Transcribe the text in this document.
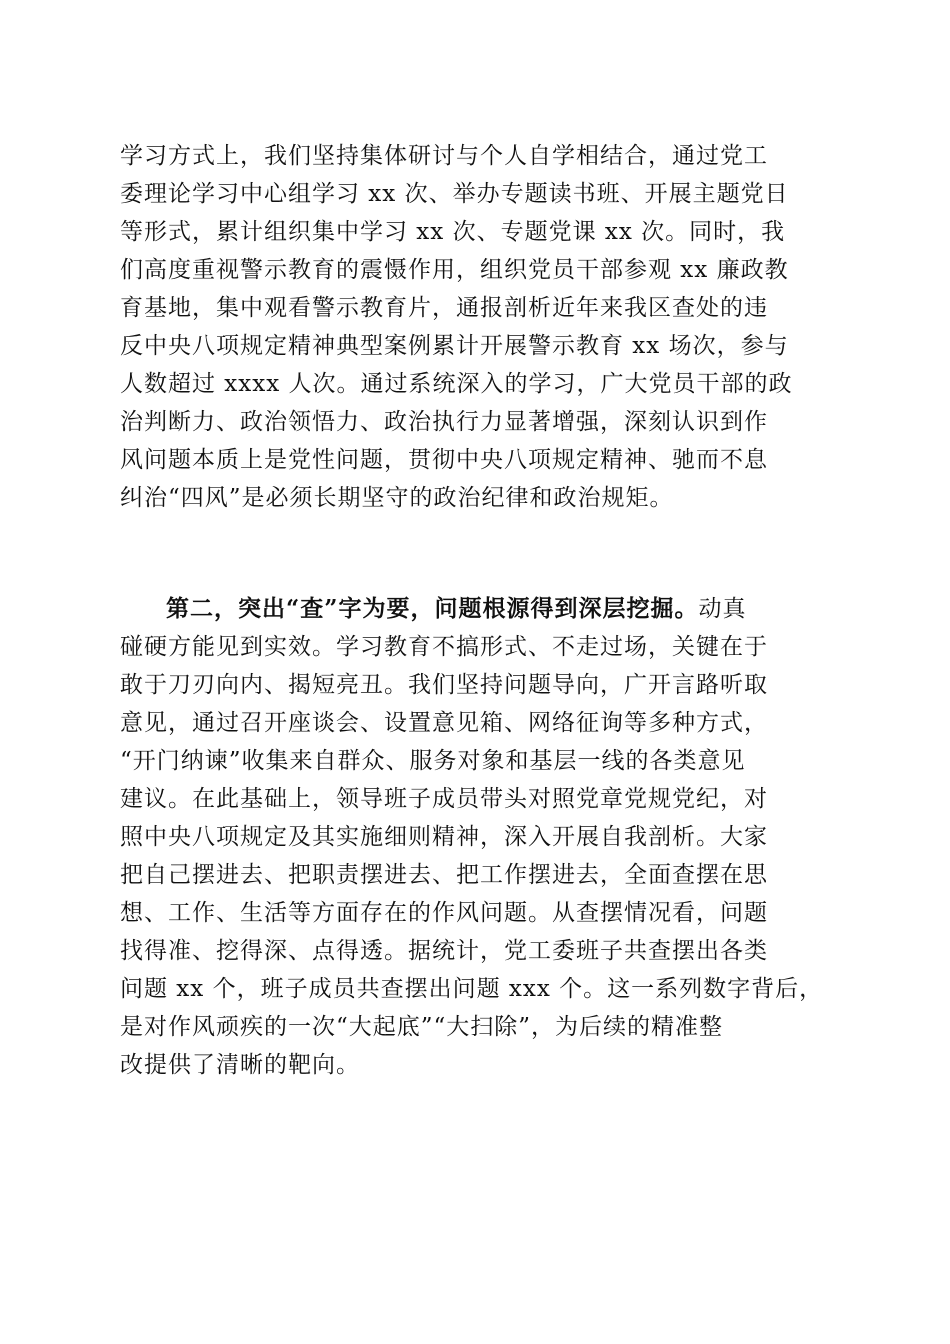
学习方式上，我们坚持集体研讨与个人自学相结合，通过党工
委理论学习中心组学习 xx 次、举办专题读书班、开展主题党日
等形式，累计组织集中学习 xx 次、专题党课 xx 次。同时，我
们高度重视警示教育的震慑作用，组织党员干部参观 xx 廉政教
育基地，集中观看警示教育片，通报剖析近年来我区查处的违
反中央八项规定精神典型案例累计开展警示教育 xx 场次，参与
人数超过 xxxx 人次。通过系统深入的学习，广大党员干部的政
治判断力、政治领悟力、政治执行力显著增强，深刻认识到作
风问题本质上是党性问题，贯彻中央八项规定精神、驰而不息
纠治“四风”是必须长期坚守的政治纪律和政治规矩。
第二，突出“查”字为要，问题根源得到深层挖掘。动真
碰硬方能见到实效。学习教育不搞形式、不走过场，关键在于
敢于刀刃向内、揭短亮丑。我们坚持问题导向，广开言路听取
意见，通过召开座谈会、设置意见箱、网络征询等多种方式，
“开门纳谏”收集来自群众、服务对象和基层一线的各类意见
建议。在此基础上，领导班子成员带头对照党章党规党纪，对
照中央八项规定及其实施细则精神，深入开展自我剖析。大家
把自己摆进去、把职责摆进去、把工作摆进去，全面查摆在思
想、工作、生活等方面存在的作风问题。从查摆情况看，问题
找得准、挖得深、点得透。据统计，党工委班子共查摆出各类
问题 xx 个，班子成员共查摆出问题 xxx 个。这一系列数字背后，
是对作风顽疾的一次“大起底”“大扫除”，为后续的精准整
改提供了清晰的靶向。
